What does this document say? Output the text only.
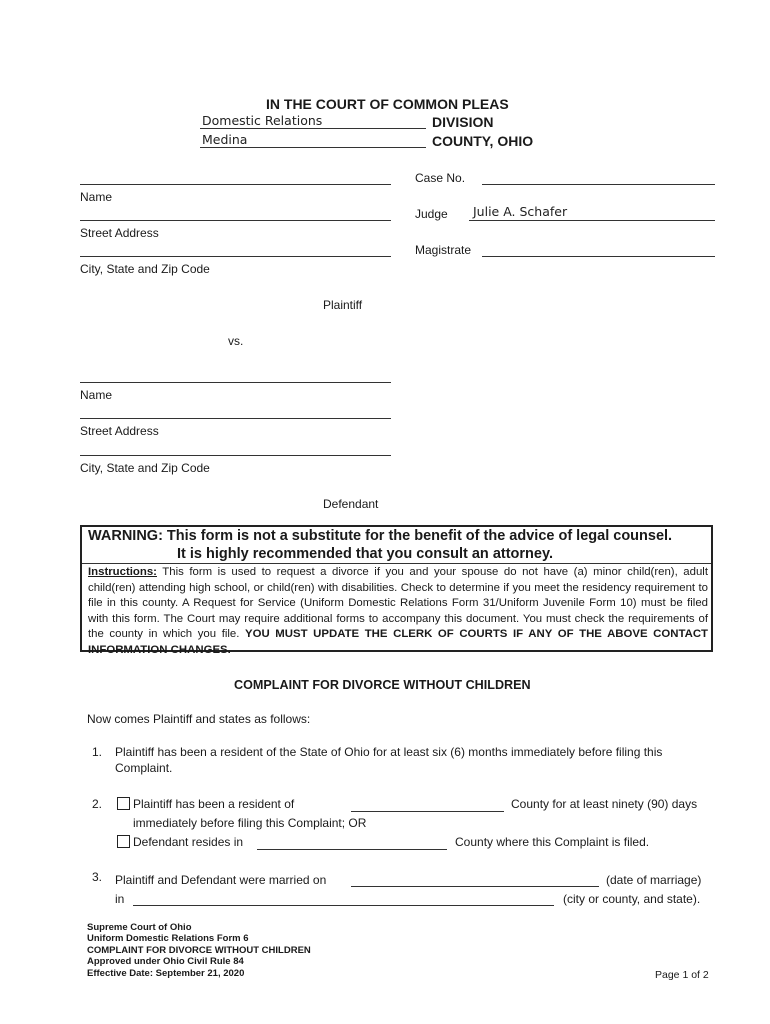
IN THE COURT OF COMMON PLEAS
Domestic Relations	DIVISION
Medina	COUNTY, OHIO
Name
Street Address
City, State and Zip Code
Plaintiff
Case No.
Judge Julie A. Schafer
Magistrate
vs.
Name
Street Address
City, State and Zip Code
Defendant
WARNING: This form is not a substitute for the benefit of the advice of legal counsel.
It is highly recommended that you consult an attorney.
Instructions: This form is used to request a divorce if you and your spouse do not have (a) minor child(ren), adult child(ren) attending high school, or child(ren) with disabilities. Check to determine if you meet the residency requirement to file in this county. A Request for Service (Uniform Domestic Relations Form 31/Uniform Juvenile Form 10) must be filed with this form. The Court may require additional forms to accompany this document. You must check the requirements of the county in which you file. YOU MUST UPDATE THE CLERK OF COURTS IF ANY OF THE ABOVE CONTACT INFORMATION CHANGES.
COMPLAINT FOR DIVORCE WITHOUT CHILDREN
Now comes Plaintiff and states as follows:
1. Plaintiff has been a resident of the State of Ohio for at least six (6) months immediately before filing this
Complaint.
2.	Plaintiff has been a resident of	County for at least ninety (90) days
immediately before filing this Complaint; OR
Defendant resides in	County where this Complaint is filed.
3. Plaintiff and Defendant were married on	(date of marriage)
in	(city or county, and state).
Supreme Court of Ohio
Uniform Domestic Relations Form 6
COMPLAINT FOR DIVORCE WITHOUT CHILDREN
Approved under Ohio Civil Rule 84
Effective Date: September 21, 2020	Page 1 of 2
